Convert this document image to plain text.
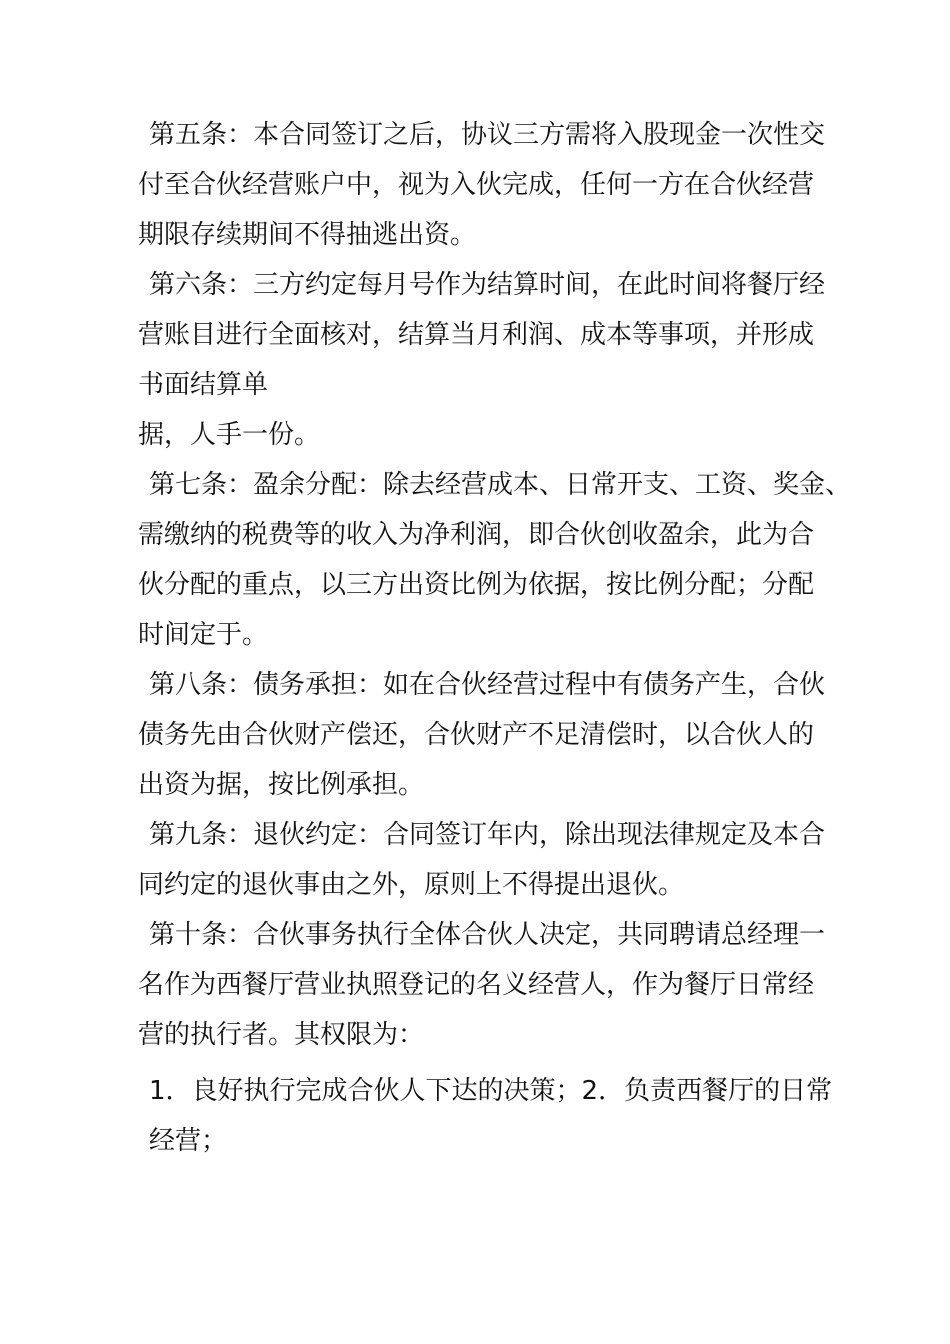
第五条：本合同签订之后，协议三方需将入股现金一次性交
付至合伙经营账户中，视为入伙完成，任何一方在合伙经营
期限存续期间不得抽逃出资。
第六条：三方约定每月号作为结算时间，在此时间将餐厅经
营账目进行全面核对，结算当月利润、成本等事项，并形成
书面结算单
据，人手一份。
第七条：盈余分配：除去经营成本、日常开支、工资、奖金、
需缴纳的税费等的收入为净利润，即合伙创收盈余，此为合
伙分配的重点，以三方出资比例为依据，按比例分配；分配
时间定于。
第八条：债务承担：如在合伙经营过程中有债务产生，合伙
债务先由合伙财产偿还，合伙财产不足清偿时，以合伙人的
出资为据，按比例承担。
第九条：退伙约定：合同签订年内，除出现法律规定及本合
同约定的退伙事由之外，原则上不得提出退伙。
第十条：合伙事务执行全体合伙人决定，共同聘请总经理一
名作为西餐厅营业执照登记的名义经营人，作为餐厅日常经
营的执行者。其权限为：
1．良好执行完成合伙人下达的决策；2．负责西餐厅的日常
经营；
